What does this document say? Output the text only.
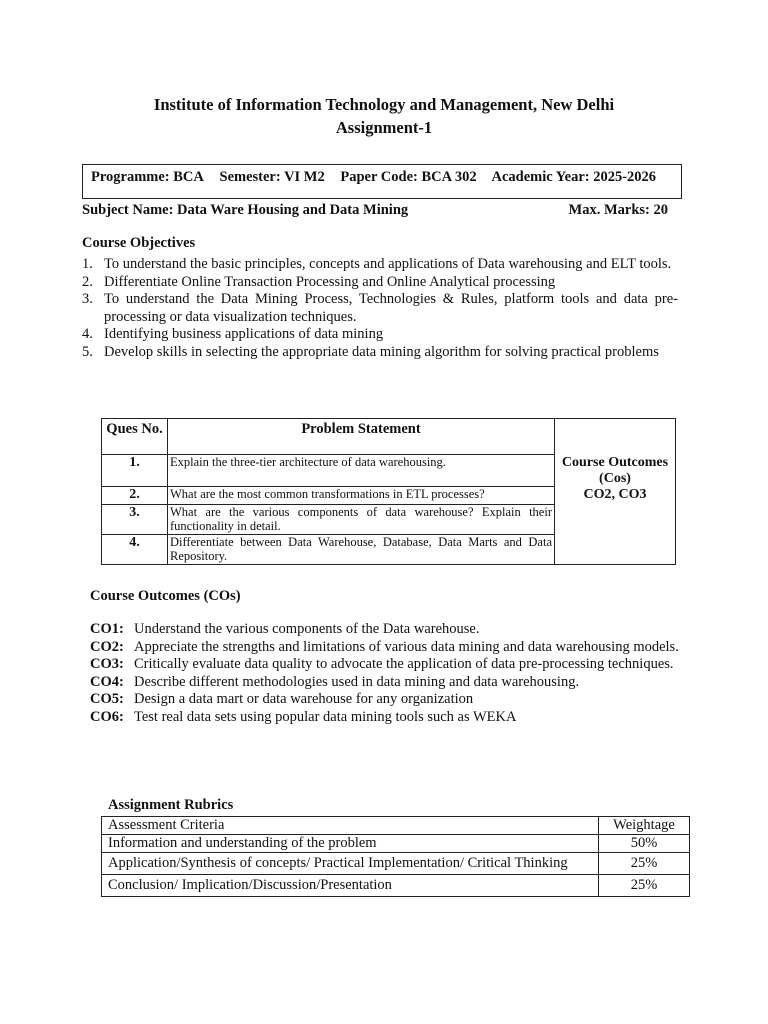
Institute of Information Technology and Management, New Delhi
Assignment-1
Programme: BCA Semester: VI M2 Paper Code: BCA 302 Academic Year: 2025-2026
Subject Name: Data Ware Housing and Data Mining	Max. Marks: 20
Course Objectives
1. To understand the basic principles, concepts and applications of Data warehousing and ELT tools.
2. Differentiate Online Transaction Processing and Online Analytical processing
3. To understand the Data Mining Process, Technologies & Rules, platform tools and data pre-processing or data visualization techniques.
4. Identifying business applications of data mining
5. Develop skills in selecting the appropriate data mining algorithm for solving practical problems
Ques No.	Problem Statement	Course Outcomes
(Cos)
CO2, CO3

1.	Explain the three-tier architecture of data warehousing.	
2.	What are the most common transformations in ETL processes?	
3.	What are the various components of data warehouse? Explain their functionality in detail.	
4.	Differentiate between Data Warehouse, Database, Data Marts and Data Repository.	
Course Outcomes (COs)
CO1: Understand the various components of the Data warehouse.
CO2: Appreciate the strengths and limitations of various data mining and data warehousing models.
CO3: Critically evaluate data quality to advocate the application of data pre-processing techniques.
CO4: Describe different methodologies used in data mining and data warehousing.
CO5: Design a data mart or data warehouse for any organization
CO6: Test real data sets using popular data mining tools such as WEKA
Assignment Rubrics
Assessment Criteria	Weightage
Information and understanding of the problem	50%
Application/Synthesis of concepts/ Practical Implementation/ Critical Thinking	25%
Conclusion/ Implication/Discussion/Presentation	25%
